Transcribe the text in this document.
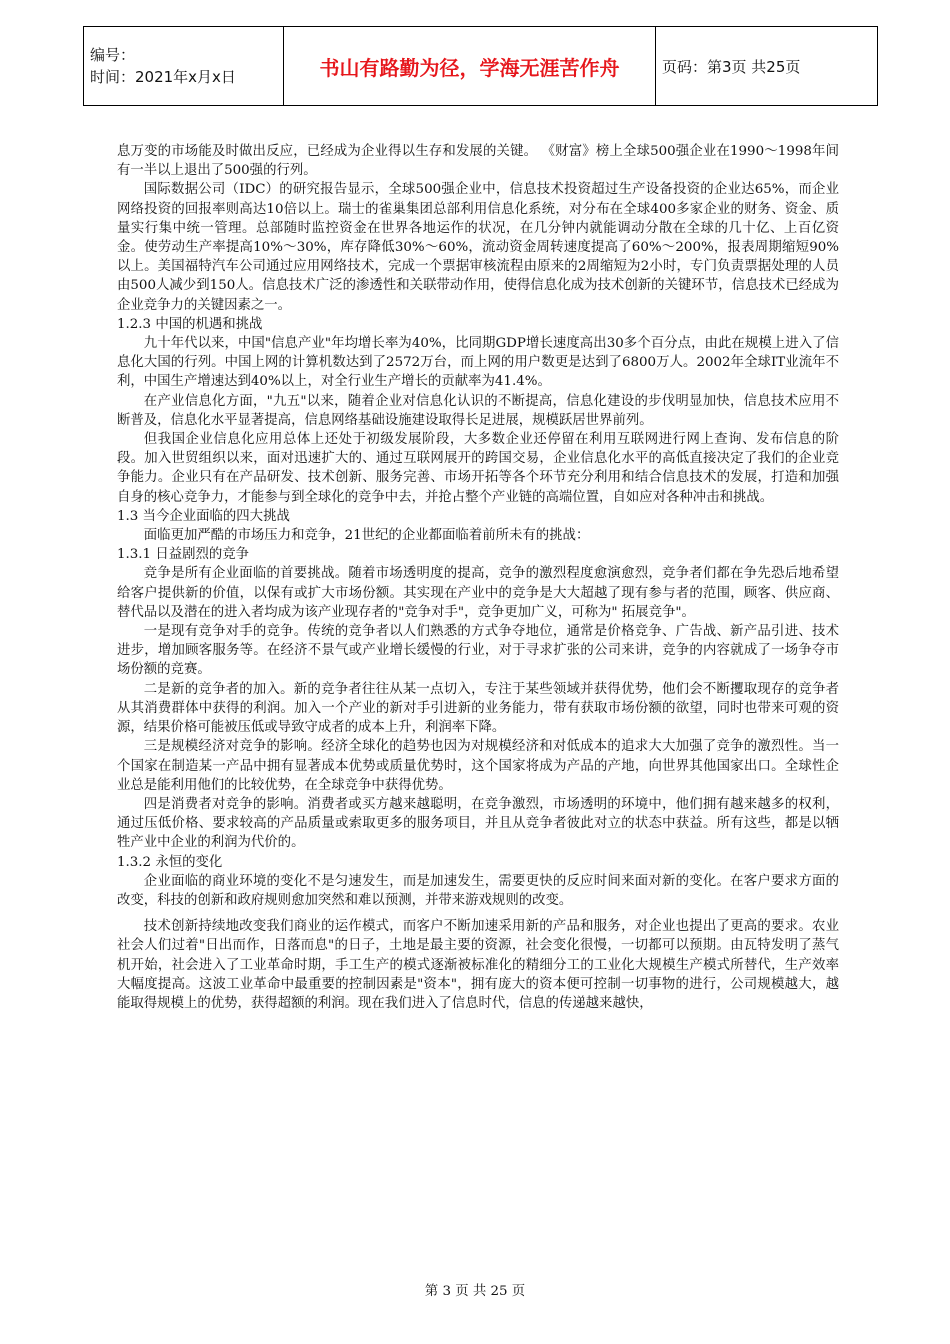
编号：
时间：2021年x月x日	书山有路勤为径，学海无涯苦作舟	页码：第3页 共25页

息万变的市场能及时做出反应，已经成为企业得以生存和发展的关键。 《财富》榜上全球500强企业在1990～1998年间有一半以上退出了500强的行列。

国际数据公司（IDC）的研究报告显示，全球500强企业中，信息技术投资超过生产设备投资的企业达65%，而企业网络投资的回报率则高达10倍以上。瑞士的雀巢集团总部利用信息化系统，对分布在全球400多家企业的财务、资金、质量实行集中统一管理。总部随时监控资金在世界各地运作的状况，在几分钟内就能调动分散在全球的几十亿、上百亿资金。使劳动生产率提高10%～30%，库存降低30%～60%，流动资金周转速度提高了60%～200%，报表周期缩短90%以上。美国福特汽车公司通过应用网络技术，完成一个票据审核流程由原来的2周缩短为2小时，专门负责票据处理的人员由500人减少到150人。信息技术广泛的渗透性和关联带动作用，使得信息化成为技术创新的关键环节，信息技术已经成为企业竞争力的关键因素之一。

1.2.3 中国的机遇和挑战

九十年代以来，中国"信息产业"年均增长率为40%，比同期GDP增长速度高出30多个百分点，由此在规模上进入了信息化大国的行列。中国上网的计算机数达到了2572万台，而上网的用户数更是达到了6800万人。2002年全球IT业流年不利，中国生产增速达到40%以上，对全行业生产增长的贡献率为41.4%。

在产业信息化方面，"九五"以来，随着企业对信息化认识的不断提高，信息化建设的步伐明显加快，信息技术应用不断普及，信息化水平显著提高，信息网络基础设施建设取得长足进展，规模跃居世界前列。

但我国企业信息化应用总体上还处于初级发展阶段，大多数企业还停留在利用互联网进行网上查询、发布信息的阶段。加入世贸组织以来，面对迅速扩大的、通过互联网展开的跨国交易，企业信息化水平的高低直接决定了我们的企业竞争能力。企业只有在产品研发、技术创新、服务完善、市场开拓等各个环节充分利用和结合信息技术的发展，打造和加强自身的核心竞争力，才能参与到全球化的竞争中去，并抢占整个产业链的高端位置，自如应对各种冲击和挑战。

1.3 当今企业面临的四大挑战

面临更加严酷的市场压力和竞争，21世纪的企业都面临着前所未有的挑战：

1.3.1 日益剧烈的竞争

竞争是所有企业面临的首要挑战。随着市场透明度的提高，竞争的激烈程度愈演愈烈，竞争者们都在争先恐后地希望给客户提供新的价值，以保有或扩大市场份额。其实现在产业中的竞争是大大超越了现有参与者的范围，顾客、供应商、替代品以及潜在的进入者均成为该产业现存者的"竞争对手"，竞争更加广义，可称为" 拓展竞争"。

一是现有竞争对手的竞争。传统的竞争者以人们熟悉的方式争夺地位，通常是价格竞争、广告战、新产品引进、技术进步，增加顾客服务等。在经济不景气或产业增长缓慢的行业，对于寻求扩张的公司来讲，竞争的内容就成了一场争夺市场份额的竞赛。

二是新的竞争者的加入。新的竞争者往往从某一点切入，专注于某些领域并获得优势，他们会不断攫取现存的竞争者从其消费群体中获得的利润。加入一个产业的新对手引进新的业务能力，带有获取市场份额的欲望，同时也带来可观的资源，结果价格可能被压低或导致守成者的成本上升，利润率下降。

三是规模经济对竞争的影响。经济全球化的趋势也因为对规模经济和对低成本的追求大大加强了竞争的激烈性。当一个国家在制造某一产品中拥有显著成本优势或质量优势时，这个国家将成为产品的产地，向世界其他国家出口。全球性企业总是能利用他们的比较优势，在全球竞争中获得优势。

四是消费者对竞争的影响。消费者或买方越来越聪明，在竞争激烈，市场透明的环境中，他们拥有越来越多的权利，通过压低价格、要求较高的产品质量或索取更多的服务项目，并且从竞争者彼此对立的状态中获益。所有这些，都是以牺牲产业中企业的利润为代价的。

1.3.2 永恒的变化

企业面临的商业环境的变化不是匀速发生，而是加速发生，需要更快的反应时间来面对新的变化。在客户要求方面的改变，科技的创新和政府规则愈加突然和难以预测，并带来游戏规则的改变。

技术创新持续地改变我们商业的运作模式，而客户不断加速采用新的产品和服务，对企业也提出了更高的要求。农业社会人们过着"日出而作，日落而息"的日子，土地是最主要的资源，社会变化很慢，一切都可以预期。由瓦特发明了蒸气机开始，社会进入了工业革命时期，手工生产的模式逐渐被标准化的精细分工的工业化大规模生产模式所替代，生产效率大幅度提高。这波工业革命中最重要的控制因素是"资本"，拥有庞大的资本便可控制一切事物的进行，公司规模越大，越能取得规模上的优势，获得超额的利润。现在我们进入了信息时代，信息的传递越来越快，

第 3 页 共 25 页
